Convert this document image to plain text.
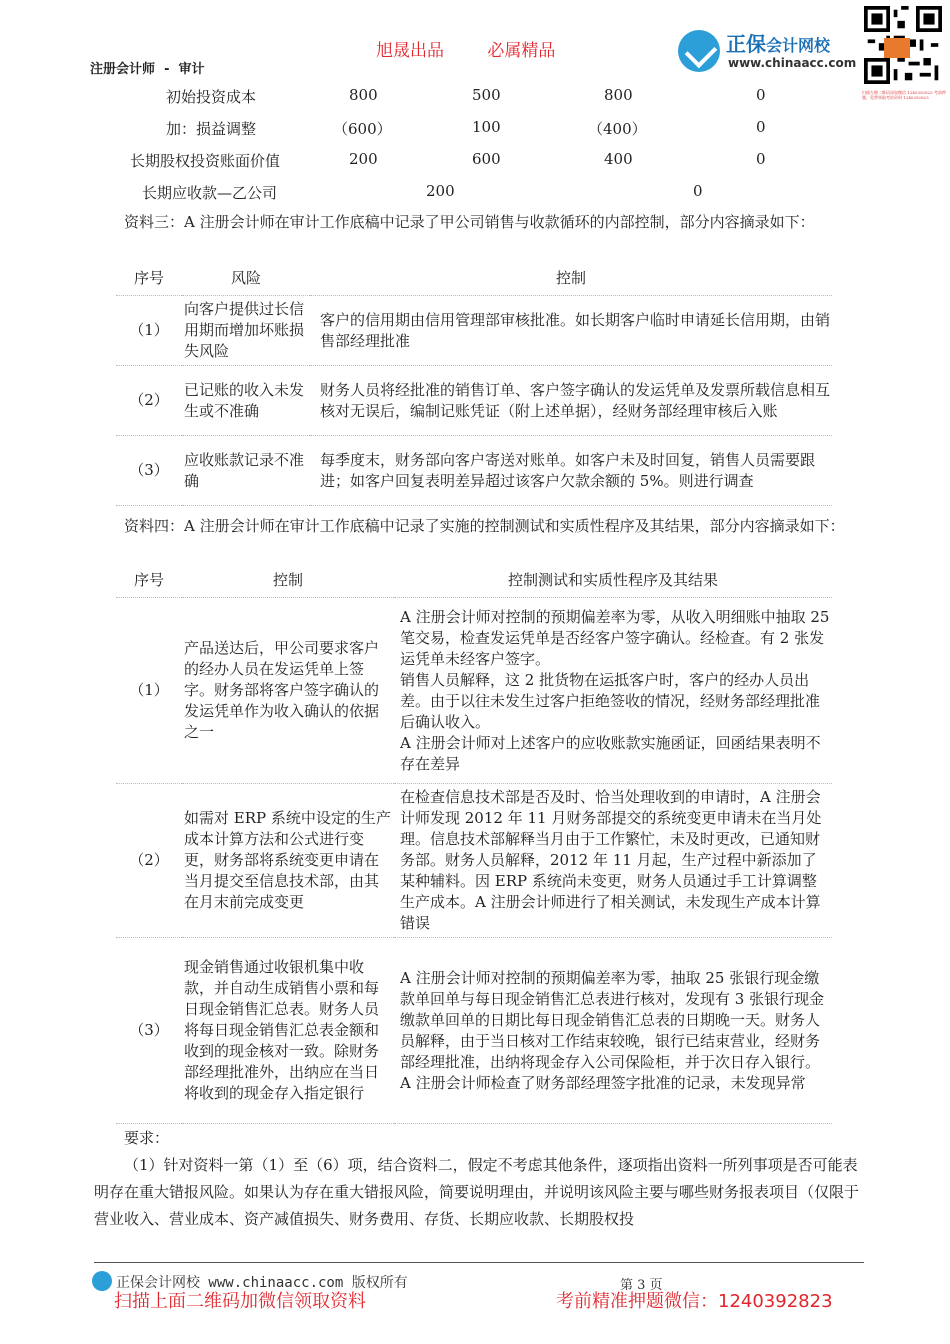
旭晟出品	必属精品
注册会计师 - 审计
正保会计网校
www.chinaacc.com
扫描左侧二维码添加微信 1240392823 考前押题，免费领取考前资料 1240392823
初始投资成本	800	500	800	0
加：损益调整	（600）	100	（400）	0
长期股权投资账面价值	200	600	400	0
长期应收款—乙公司	200	0
资料三：A 注册会计师在审计工作底稿中记录了甲公司销售与收款循环的内部控制，部分内容摘录如下：
序号	风险	控制
（1）	向客户提供过长信用期而增加坏账损失风险	客户的信用期由信用管理部审核批准。如长期客户临时申请延长信用期，由销售部经理批准
（2）	已记账的收入未发生或不准确	财务人员将经批准的销售订单、客户签字确认的发运凭单及发票所载信息相互核对无误后，编制记账凭证（附上述单据），经财务部经理审核后入账
（3）	应收账款记录不准确	每季度末，财务部向客户寄送对账单。如客户未及时回复，销售人员需要跟进；如客户回复表明差异超过该客户欠款余额的 5%。则进行调查
资料四：A 注册会计师在审计工作底稿中记录了实施的控制测试和实质性程序及其结果，部分内容摘录如下：
序号	控制	控制测试和实质性程序及其结果
（1）	产品送达后，甲公司要求客户的经办人员在发运凭单上签字。财务部将客户签字确认的发运凭单作为收入确认的依据之一	A 注册会计师对控制的预期偏差率为零，从收入明细账中抽取 25 笔交易，检查发运凭单是否经客户签字确认。经检查。有 2 张发运凭单未经客户签字。
销售人员解释，这 2 批货物在运抵客户时，客户的经办人员出差。由于以往未发生过客户拒绝签收的情况，经财务部经理批准后确认收入。
A 注册会计师对上述客户的应收账款实施函证，回函结果表明不存在差异
（2）	如需对 ERP 系统中设定的生产成本计算方法和公式进行变更，财务部将系统变更申请在当月提交至信息技术部，由其在月末前完成变更	在检查信息技术部是否及时、恰当处理收到的申请时，A 注册会计师发现 2012 年 11 月财务部提交的系统变更申请未在当月处理。信息技术部解释当月由于工作繁忙，未及时更改，已通知财务部。财务人员解释，2012 年 11 月起，生产过程中新添加了某种辅料。因 ERP 系统尚未变更，财务人员通过手工计算调整生产成本。A 注册会计师进行了相关测试，未发现生产成本计算错误
（3）	现金销售通过收银机集中收款，并自动生成销售小票和每日现金销售汇总表。财务人员将每日现金销售汇总表金额和收到的现金核对一致。除财务部经理批准外，出纳应在当日将收到的现金存入指定银行	A 注册会计师对控制的预期偏差率为零，抽取 25 张银行现金缴款单回单与每日现金销售汇总表进行核对，发现有 3 张银行现金缴款单回单的日期比每日现金销售汇总表的日期晚一天。财务人员解释，由于当日核对工作结束较晚，银行已结束营业，经财务部经理批准，出纳将现金存入公司保险柜，并于次日存入银行。
A 注册会计师检查了财务部经理签字批准的记录，未发现异常
要求：
（1）针对资料一第（1）至（6）项，结合资料二，假定不考虑其他条件，逐项指出资料一所列事项是否可能表明存在重大错报风险。如果认为存在重大错报风险，简要说明理由，并说明该风险主要与哪些财务报表项目（仅限于营业收入、营业成本、资产减值损失、财务费用、存货、长期应收款、长期股权投
正保会计网校 www.chinaacc.com 版权所有	第 3 页
扫描上面二维码加微信领取资料	考前精准押题微信：1240392823
